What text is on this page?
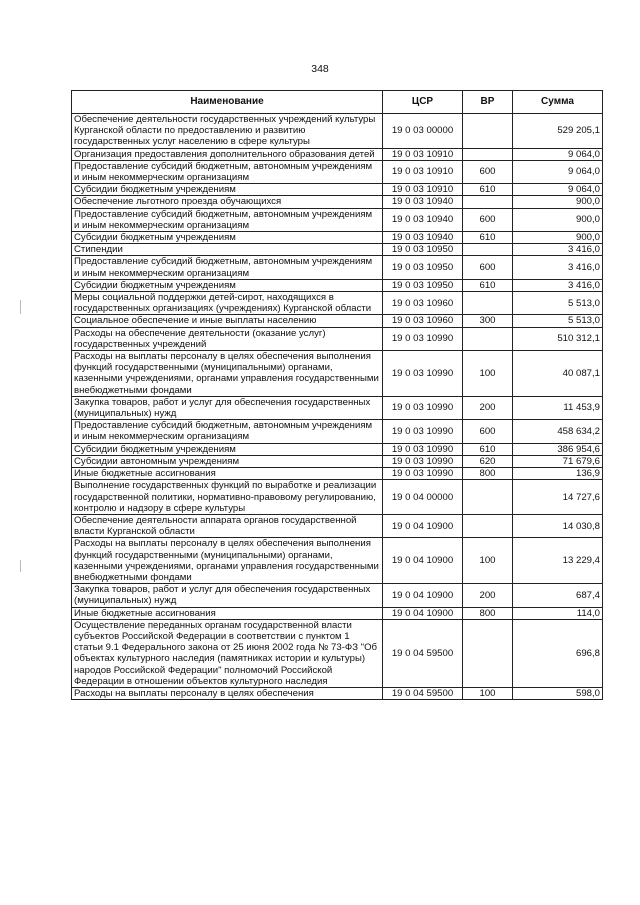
348
Наименование	ЦСР	ВР	Сумма
Обеспечение деятельности государственных учреждений культуры Курганской области по предоставлению и развитию государственных услуг населению в сфере культуры	19 0 03 00000		529 205,1
Организация предоставления дополнительного образования детей	19 0 03 10910		9 064,0
Предоставление субсидий бюджетным, автономным учреждениям и иным некоммерческим организациям	19 0 03 10910	600	9 064,0
Субсидии бюджетным учреждениям	19 0 03 10910	610	9 064,0
Обеспечение льготного проезда обучающихся	19 0 03 10940		900,0
Предоставление субсидий бюджетным, автономным учреждениям и иным некоммерческим организациям	19 0 03 10940	600	900,0
Субсидии бюджетным учреждениям	19 0 03 10940	610	900,0
Стипендии	19 0 03 10950		3 416,0
Предоставление субсидий бюджетным, автономным учреждениям и иным некоммерческим организациям	19 0 03 10950	600	3 416,0
Субсидии бюджетным учреждениям	19 0 03 10950	610	3 416,0
Меры социальной поддержки детей-сирот, находящихся в государственных организациях (учреждениях) Курганской области	19 0 03 10960		5 513,0
Социальное обеспечение и иные выплаты населению	19 0 03 10960	300	5 513,0
Расходы на обеспечение деятельности (оказание услуг) государственных учреждений	19 0 03 10990		510 312,1
Расходы на выплаты персоналу в целях обеспечения выполнения функций государственными (муниципальными) органами, казенными учреждениями, органами управления государственными внебюджетными фондами	19 0 03 10990	100	40 087,1
Закупка товаров, работ и услуг для обеспечения государственных (муниципальных) нужд	19 0 03 10990	200	11 453,9
Предоставление субсидий бюджетным, автономным учреждениям и иным некоммерческим организациям	19 0 03 10990	600	458 634,2
Субсидии бюджетным учреждениям	19 0 03 10990	610	386 954,6
Субсидии автономным учреждениям	19 0 03 10990	620	71 679,6
Иные бюджетные ассигнования	19 0 03 10990	800	136,9
Выполнение государственных функций по выработке и реализации государственной политики, нормативно-правовому регулированию, контролю и надзору в сфере культуры	19 0 04 00000		14 727,6
Обеспечение деятельности аппарата органов государственной власти Курганской области	19 0 04 10900		14 030,8
Расходы на выплаты персоналу в целях обеспечения выполнения функций государственными (муниципальными) органами, казенными учреждениями, органами управления государственными внебюджетными фондами	19 0 04 10900	100	13 229,4
Закупка товаров, работ и услуг для обеспечения государственных (муниципальных) нужд	19 0 04 10900	200	687,4
Иные бюджетные ассигнования	19 0 04 10900	800	114,0
Осуществление переданных органам государственной власти субъектов Российской Федерации в соответствии с пунктом 1 статьи 9.1 Федерального закона от 25 июня 2002 года № 73-ФЗ "Об объектах культурного наследия (памятниках истории и культуры) народов Российской Федерации" полномочий Российской Федерации в отношении объектов культурного наследия	19 0 04 59500		696,8
Расходы на выплаты персоналу в целях обеспечения	19 0 04 59500	100	598,0
